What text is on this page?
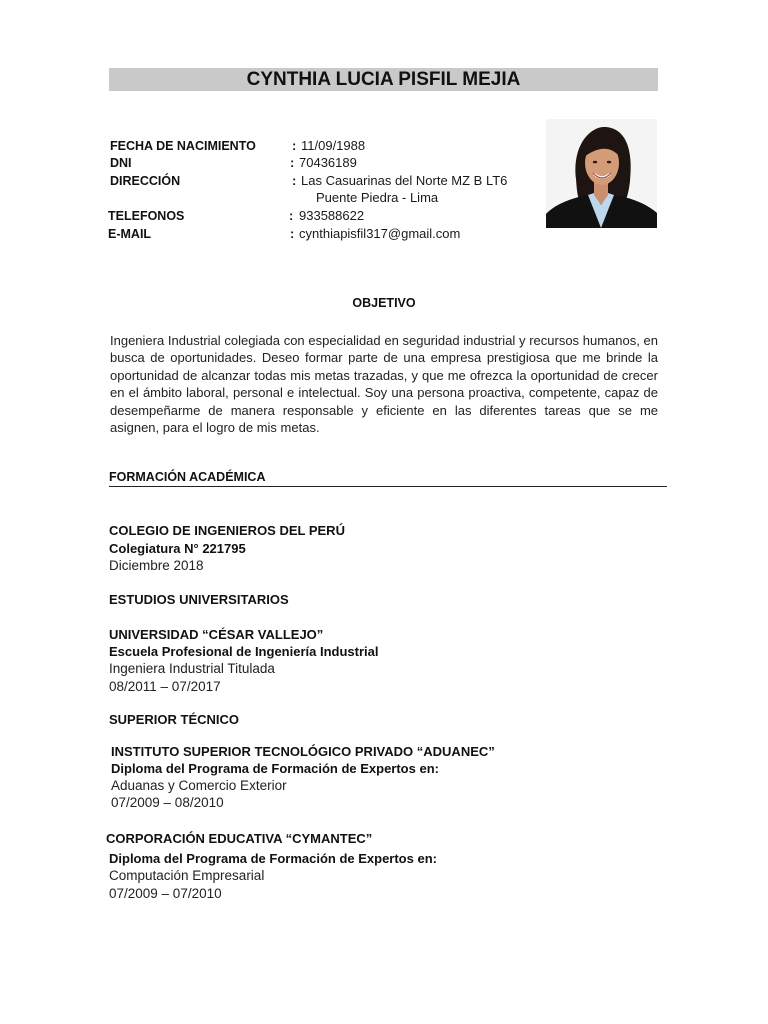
CYNTHIA LUCIA PISFIL MEJIA
FECHA DE NACIMIENTO	: 11/09/1988
DNI	: 70436189
DIRECCIÓN	: Las Casuarinas del Norte MZ B LT6
Puente Piedra - Lima
TELEFONOS	: 933588622
E-MAIL	: cynthiapisfil317@gmail.com
OBJETIVO
Ingeniera Industrial colegiada con especialidad en seguridad industrial y recursos humanos, en busca de oportunidades. Deseo formar parte de una empresa prestigiosa que me brinde la oportunidad de alcanzar todas mis metas trazadas, y que me ofrezca la oportunidad de crecer en el ámbito laboral, personal e intelectual. Soy una persona proactiva, competente, capaz de desempeñarme de manera responsable y eficiente en las diferentes tareas que se me asignen, para el logro de mis metas.
FORMACIÓN ACADÉMICA
COLEGIO DE INGENIEROS DEL PERÚ
Colegiatura N° 221795
Diciembre 2018
ESTUDIOS UNIVERSITARIOS
UNIVERSIDAD “CÉSAR VALLEJO”
Escuela Profesional de Ingeniería Industrial
Ingeniera Industrial Titulada
08/2011 – 07/2017
SUPERIOR TÉCNICO
INSTITUTO SUPERIOR TECNOLÓGICO PRIVADO “ADUANEC”
Diploma del Programa de Formación de Expertos en:
Aduanas y Comercio Exterior
07/2009 – 08/2010
CORPORACIÓN EDUCATIVA “CYMANTEC”
Diploma del Programa de Formación de Expertos en:
Computación Empresarial
07/2009 – 07/2010
